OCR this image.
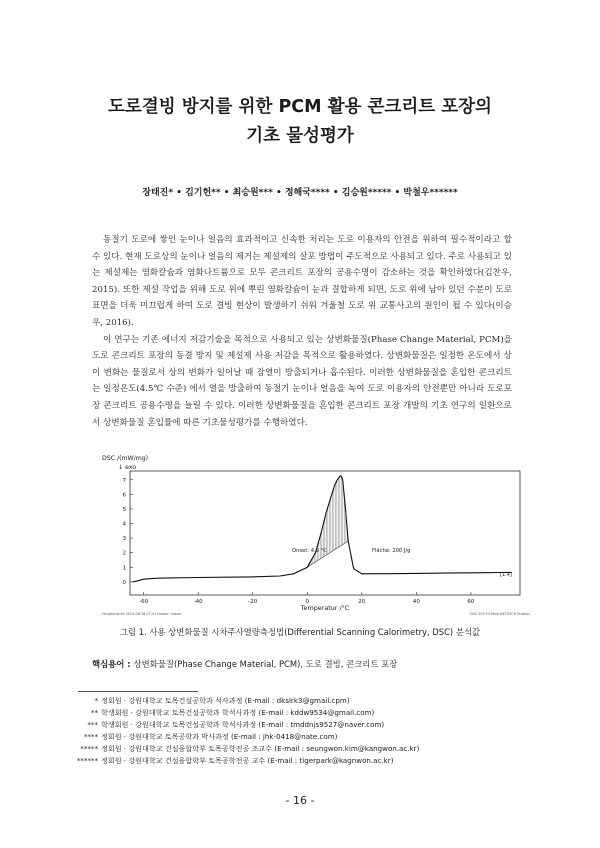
도로결빙 방지를 위한 PCM 활용 콘크리트 포장의
기초 물성평가
장태진* • 김기헌** • 최승원*** • 정해국**** • 김승원***** • 박철우******

동절기 도로에 쌓인 눈이나 얼음의 효과적이고 신속한 처리는 도로 이용자의 안전을 위하여 필수적이라고 할 수 있다. 현재 도로상의 눈이나 얼음의 제거는 제설제의 살포 방법이 주도적으로 사용되고 있다. 주로 사용되고 있는 제설제는 염화칼슘과 염화나트륨으로 모두 콘크리트 포장의 공용수명이 감소하는 것을 확인하였다(김찬우, 2015). 또한 제설 작업을 위해 도로 위에 뿌린 염화칼슘이 눈과 결합하게 되면, 도로 위에 남아 있던 수분이 도로 표면을 더욱 미끄럽게 하여 도로 결빙 현상이 발생하기 쉬워 겨울철 도로 위 교통사고의 원인이 될 수 있다(이승우, 2016).

이 연구는 기존 에너지 저감기술을 목적으로 사용되고 있는 상변화물질(Phase Change Material, PCM)을 도로 콘크리트 포장의 동결 방지 및 제설제 사용 저감을 목적으로 활용하였다. 상변화물질은 일정한 온도에서 상이 변화는 물질로서 상의 변화가 일어날 때 잠열이 방출되거나 흡수된다. 이러한 상변화물질을 혼입한 콘크리트는 일정온도(4.5℃ 수준) 에서 열을 방출하여 동절기 눈이나 얼음을 녹여 도로 이용자의 안전뿐만 아니라 도로포장 콘크리트 공용수명을 늘릴 수 있다. 이러한 상변화물질을 혼입한 콘크리트 포장 개발의 기초 연구의 일환으로서 상변화물질 혼입률에 따른 기초물성평가를 수행하였다.

DSC /(mW/mg)
↓ exo
0
1
2
3
4
5
6
7
-60	-40	-20	0	20	40	60
Onset: 4.5 °C	Fläche: 200 J/g
[1.4]
Temperatur /°C
Hauptansicht 2013-08-18 07:51 Nutzer: nutzer	DSC 200 F3 Maia NETZSCH Proteus
그림 1. 사용 상변화물질 시차주사열량측정법(Differential Scanning Calorimetry, DSC) 분석값
핵심용어 : 상변화물질(Phase Change Material, PCM), 도로 결빙, 콘크리트 포장
* 정회원 · 강원대학교 토목건설공학과 석사과정 (E-mail : dkslrk3@gmail.cpm)
** 학생회원 · 강원대학교 토목건설공학과 학석사과정 (E-mail : kddw9534@gmail.com)
*** 학생회원 · 강원대학교 토목건설공학과 학석사과정 (E-mail : tmddnjs9527@naver.com)
**** 정회원 · 강원대학교 토목공학과 박사과정 (E-mail : jhk-0418@nate.com)
***** 정회원 · 강원대학교 건설융합학부 토목공학전공 조교수 (E-mail : seungwon.kim@kangwon.ac.kr)
****** 정회원 · 강원대학교 건설융합학부 토목공학전공 교수 (E-mail : tigerpark@kagnwon.ac.kr)
- 16 -
